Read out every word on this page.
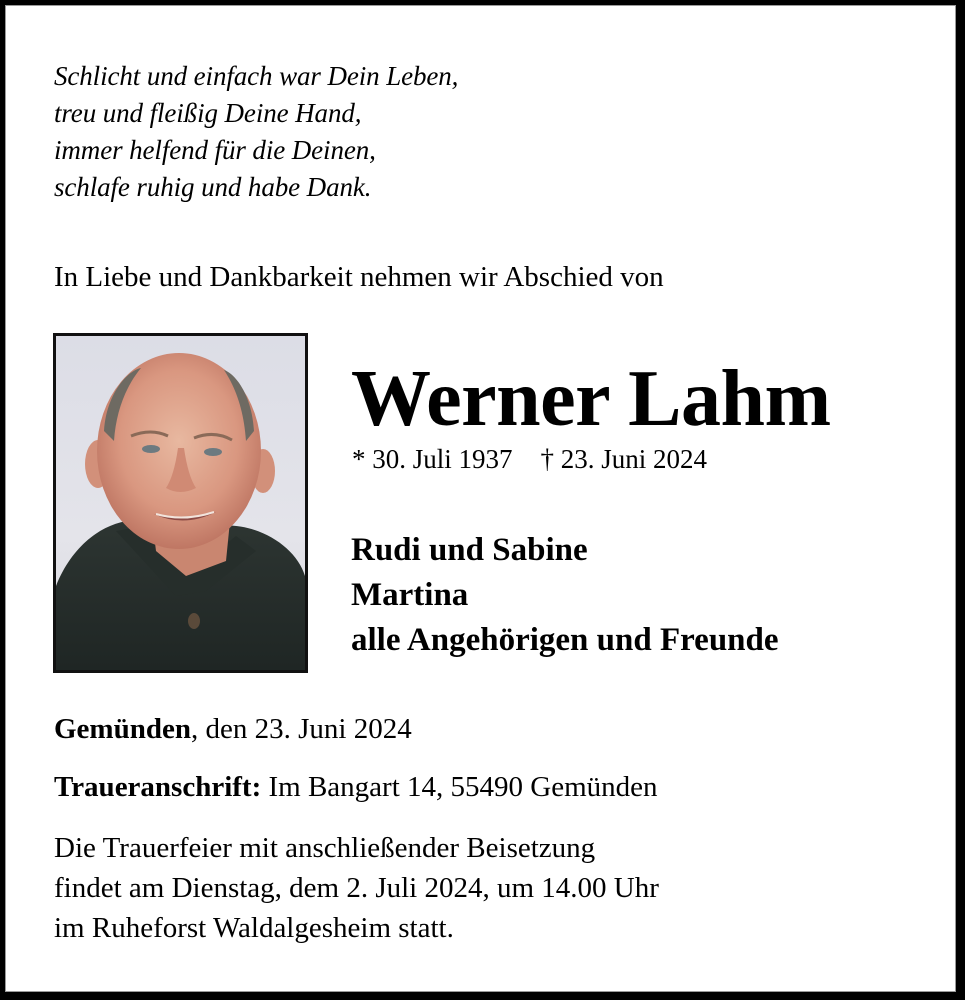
Schlicht und einfach war Dein Leben,
treu und fleißig Deine Hand,
immer helfend für die Deinen,
schlafe ruhig und habe Dank.
In Liebe und Dankbarkeit nehmen wir Abschied von
Werner Lahm
* 30. Juli 1937 † 23. Juni 2024
Rudi und Sabine
Martina
alle Angehörigen und Freunde
Gemünden, den 23. Juni 2024
Traueranschrift: Im Bangart 14, 55490 Gemünden
Die Trauerfeier mit anschließender Beisetzung
findet am Dienstag, dem 2. Juli 2024, um 14.00 Uhr
im Ruheforst Waldalgesheim statt.
